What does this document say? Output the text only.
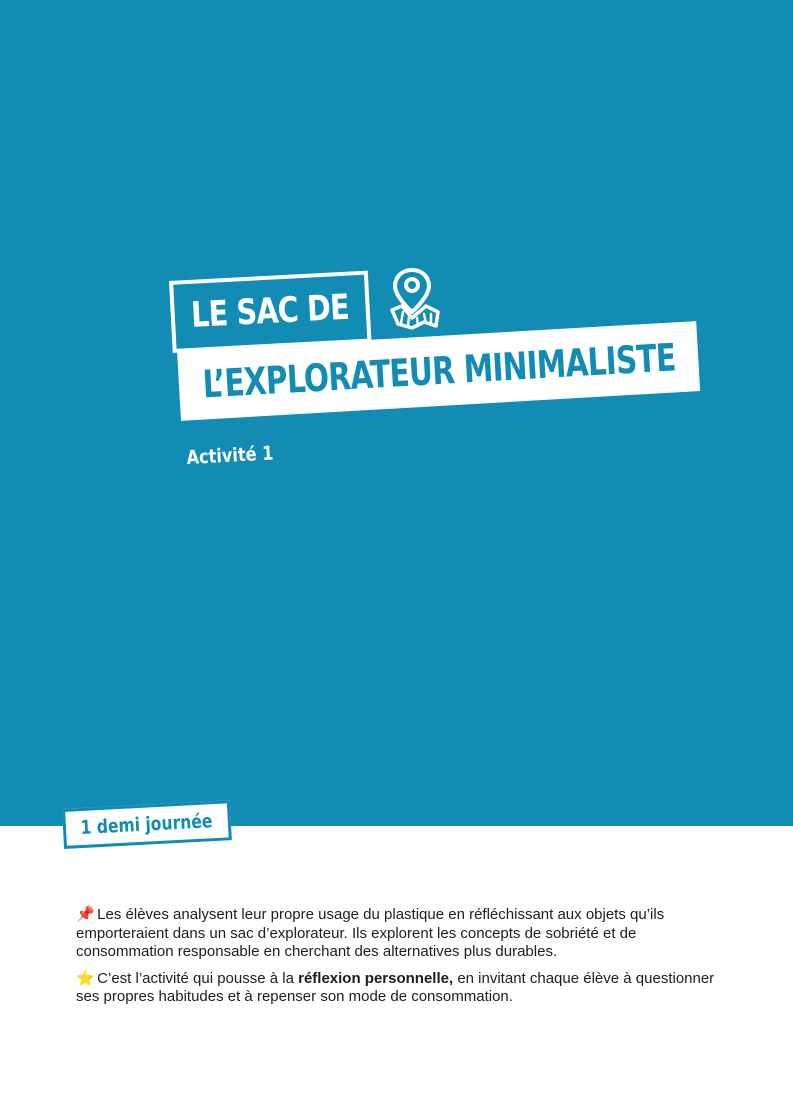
LE SAC DE
L’EXPLORATEUR MINIMALISTE
Activité 1
1 demi journée

📌 Les élèves analysent leur propre usage du plastique en réfléchissant aux objets qu’ils emporteraient dans un sac d’explorateur. Ils explorent les concepts de sobriété et de consommation responsable en cherchant des alternatives plus durables.

⭐ C’est l’activité qui pousse à la réflexion personnelle, en invitant chaque élève à questionner ses propres habitudes et à repenser son mode de consommation.
